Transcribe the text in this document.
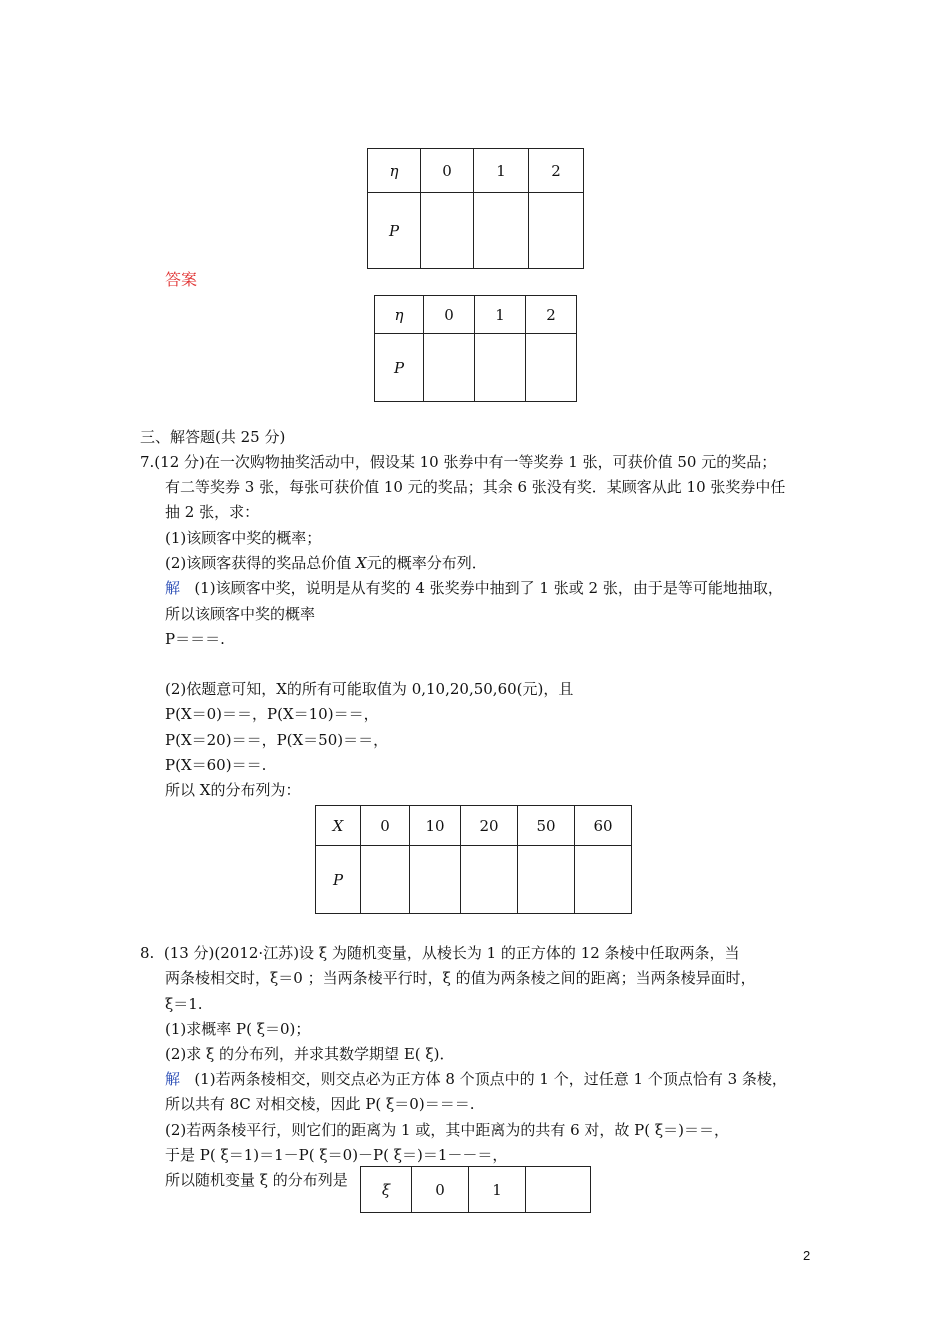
η	0	1	2
P			
答案
η	0	1	2
P			
三、解答题(共 25 分)
7.(12 分)在一次购物抽奖活动中，假设某 10 张券中有一等奖券 1 张，可获价值 50 元的奖品；
有二等奖券 3 张，每张可获价值 10 元的奖品；其余 6 张没有奖．某顾客从此 10 张奖券中任
抽 2 张，求：
(1)该顾客中奖的概率；
(2)该顾客获得的奖品总价值 X元的概率分布列．
解 (1)该顾客中奖，说明是从有奖的 4 张奖券中抽到了 1 张或 2 张，由于是等可能地抽取，
所以该顾客中奖的概率
P＝＝＝.
(2)依题意可知，X的所有可能取值为 0,10,20,50,60(元)，且
P(X＝0)＝＝，P(X＝10)＝＝，
P(X＝20)＝＝，P(X＝50)＝＝，
P(X＝60)＝＝.
所以 X的分布列为：
X	0	10	20	50	60
P					
8.  (13 分)(2012·江苏)设 ξ 为随机变量，从棱长为 1 的正方体的 12 条棱中任取两条，当
两条棱相交时，ξ＝0 ；当两条棱平行时，ξ 的值为两条棱之间的距离；当两条棱异面时，
ξ＝1.
(1)求概率 P( ξ＝0)；
(2)求 ξ 的分布列，并求其数学期望 E( ξ)．
解 (1)若两条棱相交，则交点必为正方体 8 个顶点中的 1 个，过任意 1 个顶点恰有 3 条棱，
所以共有 8C 对相交棱，因此 P( ξ＝0)＝＝＝.
(2)若两条棱平行，则它们的距离为 1 或，其中距离为的共有 6 对，故 P( ξ＝)＝＝，
于是 P( ξ＝1)＝1－P( ξ＝0)－P( ξ＝)＝1－－＝，
所以随机变量 ξ 的分布列是
ξ	0	1	
2
